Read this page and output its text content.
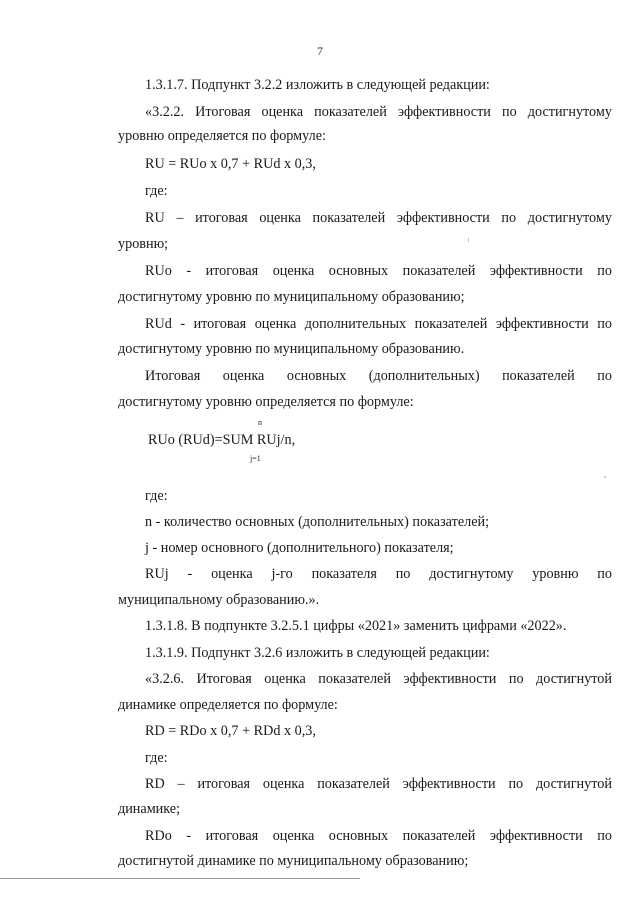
7
1.3.1.7. Подпункт 3.2.2 изложить в следующей редакции:
«3.2.2. Итоговая оценка показателей эффективности по достигнутому
уровню определяется по формуле:
RU = RUo x 0,7 + RUd x 0,3,
где:
RU – итоговая оценка показателей эффективности по достигнутому
уровню;
RUo - итоговая оценка основных показателей эффективности по
достигнутому уровню по муниципальному образованию;
RUd - итоговая оценка дополнительных показателей эффективности по
достигнутому уровню по муниципальному образованию.
Итоговая оценка основных (дополнительных) показателей по
достигнутому уровню определяется по формуле:
n
RUo (RUd)=SUM RUj/n,
j=1
где:
n - количество основных (дополнительных) показателей;
j - номер основного (дополнительного) показателя;
RUj - оценка j-го показателя по достигнутому уровню по
муниципальному образованию.».
1.3.1.8. В подпункте 3.2.5.1 цифры «2021» заменить цифрами «2022».
1.3.1.9. Подпункт 3.2.6 изложить в следующей редакции:
«3.2.6. Итоговая оценка показателей эффективности по достигнутой
динамике определяется по формуле:
RD = RDo x 0,7 + RDd x 0,3,
где:
RD – итоговая оценка показателей эффективности по достигнутой
динамике;
RDo - итоговая оценка основных показателей эффективности по
достигнутой динамике по муниципальному образованию;
